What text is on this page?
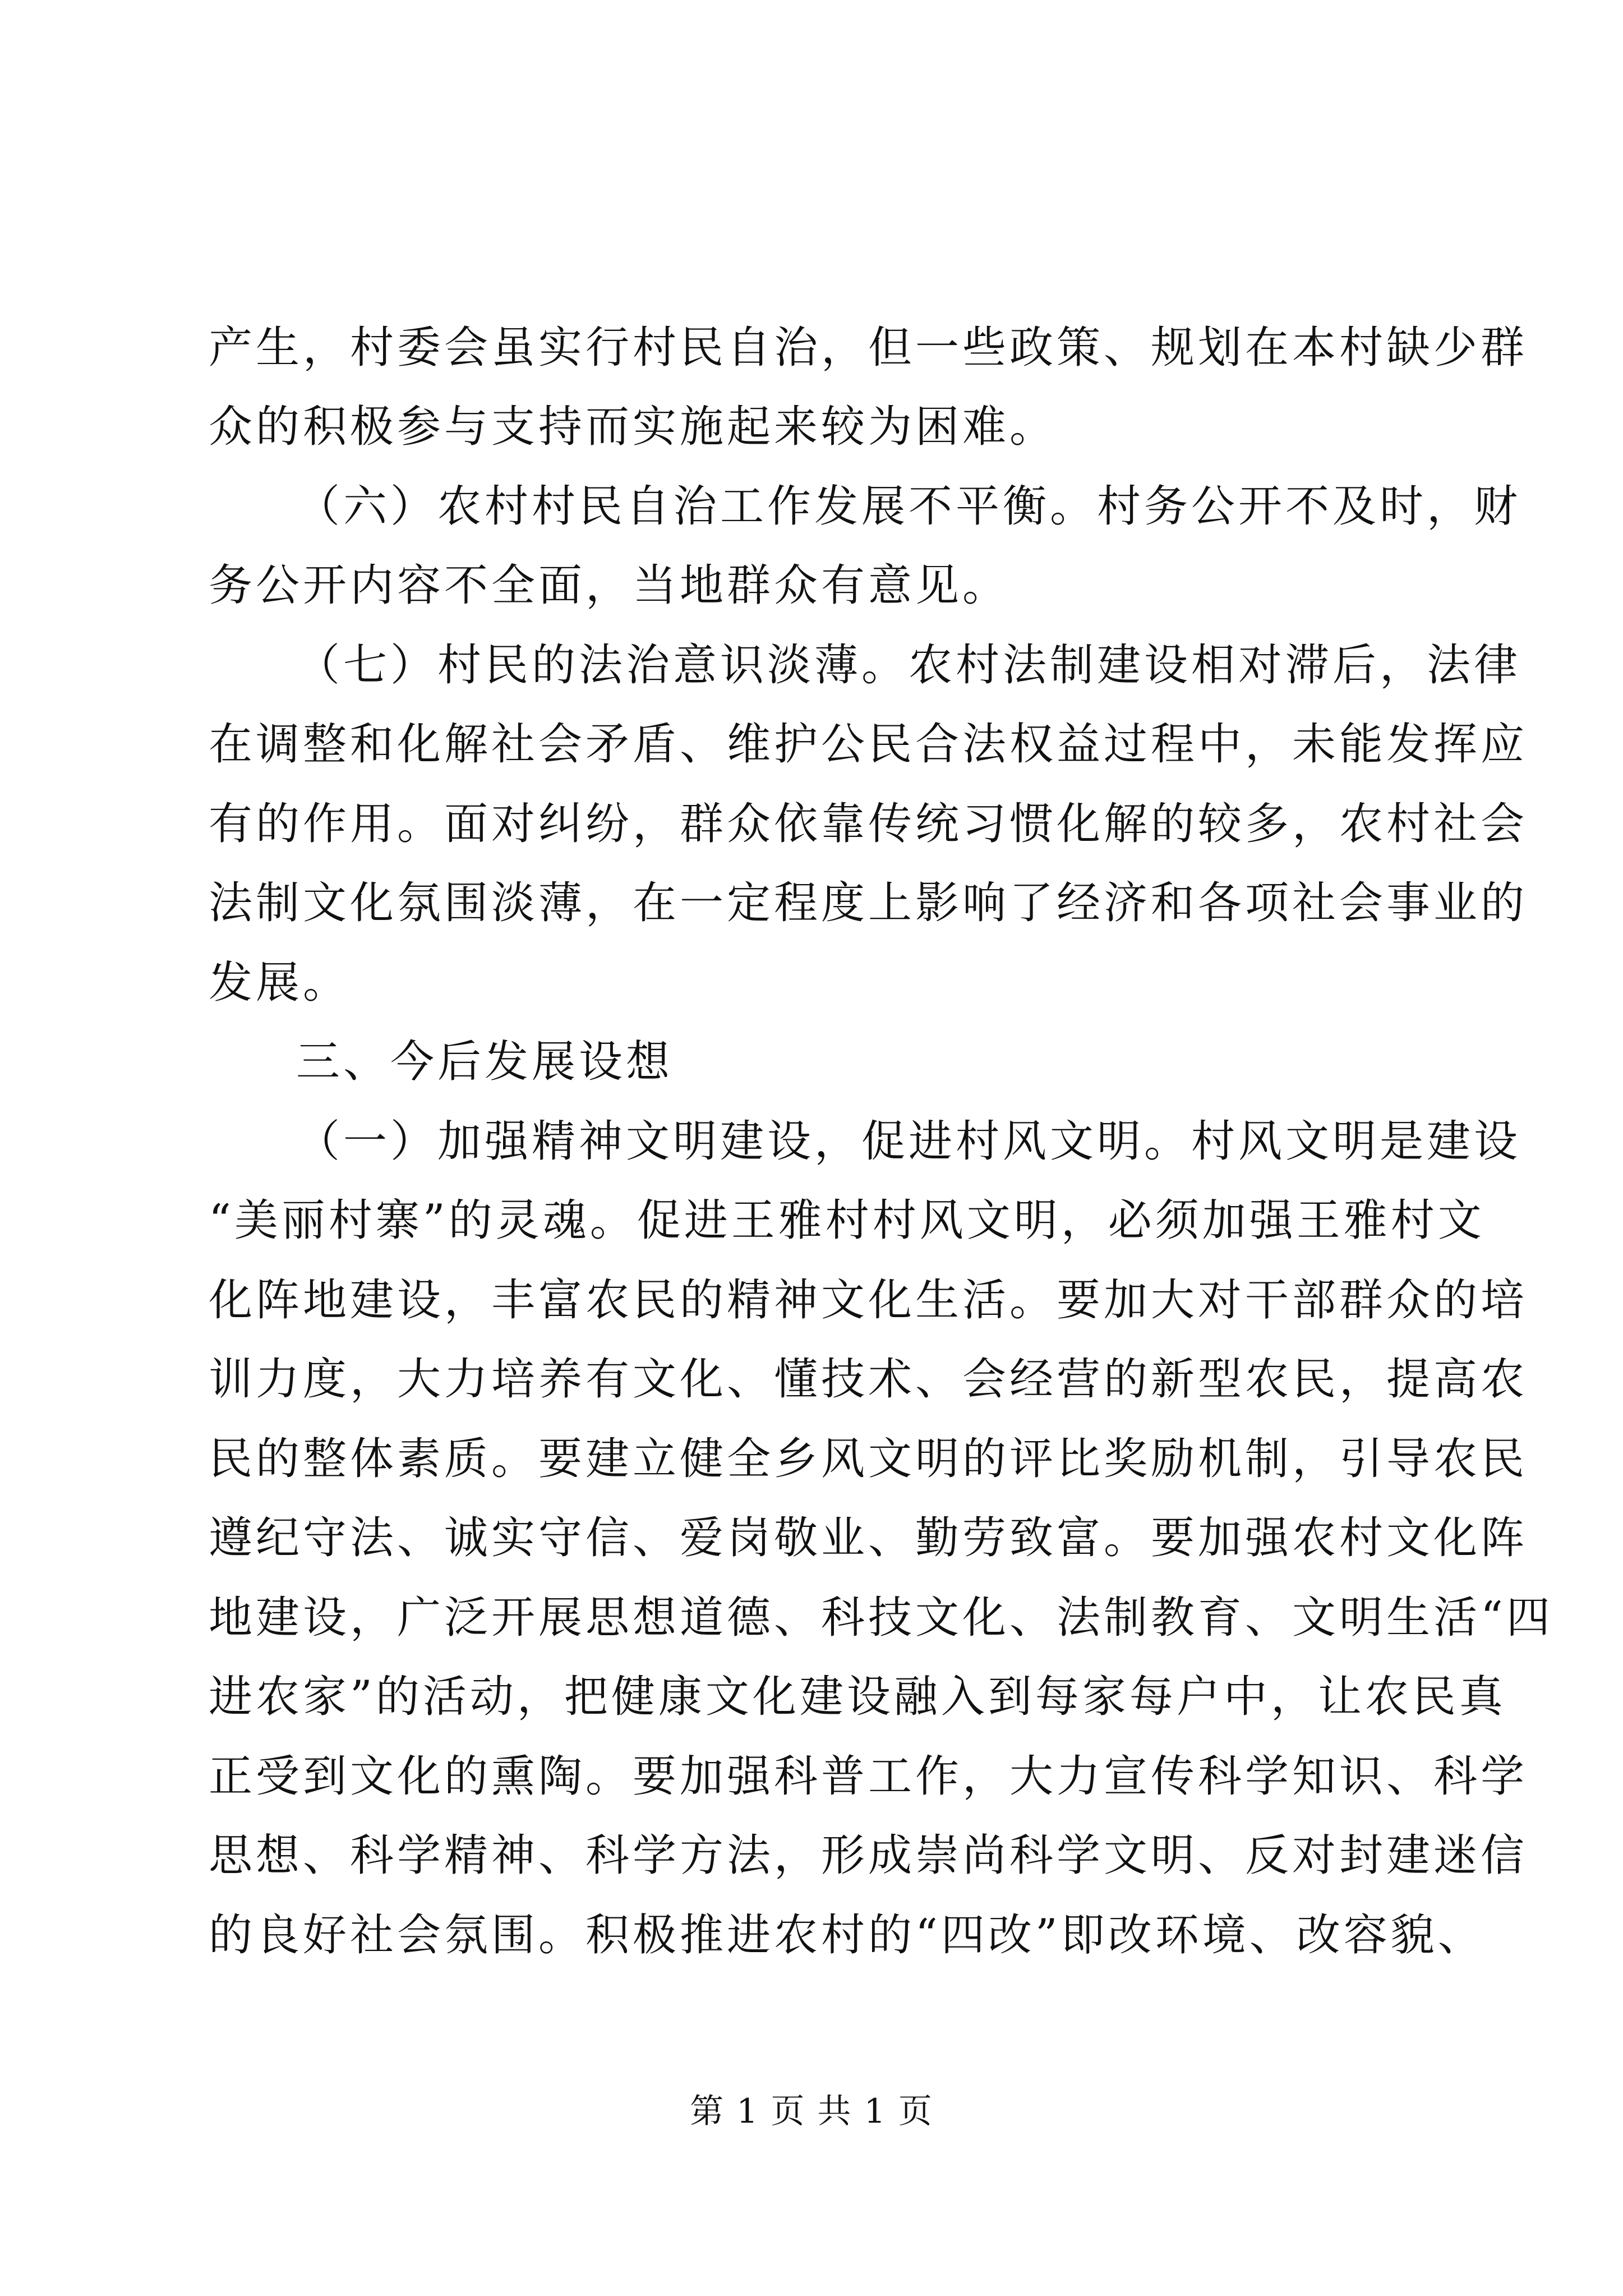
产生，村委会虽实行村民自治，但一些政策、规划在本村缺少群

众的积极参与支持而实施起来较为困难。

（六）农村村民自治工作发展不平衡。村务公开不及时，财

务公开内容不全面，当地群众有意见。

（七）村民的法治意识淡薄。农村法制建设相对滞后，法律

在调整和化解社会矛盾、维护公民合法权益过程中，未能发挥应

有的作用。面对纠纷，群众依靠传统习惯化解的较多，农村社会

法制文化氛围淡薄，在一定程度上影响了经济和各项社会事业的

发展。

三、今后发展设想

（一）加强精神文明建设，促进村风文明。村风文明是建设

“美丽村寨”的灵魂。促进王雅村村风文明，必须加强王雅村文

化阵地建设，丰富农民的精神文化生活。要加大对干部群众的培

训力度，大力培养有文化、懂技术、会经营的新型农民，提高农

民的整体素质。要建立健全乡风文明的评比奖励机制，引导农民

遵纪守法、诚实守信、爱岗敬业、勤劳致富。要加强农村文化阵

地建设，广泛开展思想道德、科技文化、法制教育、文明生活“四

进农家”的活动，把健康文化建设融入到每家每户中，让农民真

正受到文化的熏陶。要加强科普工作，大力宣传科学知识、科学

思想、科学精神、科学方法，形成崇尚科学文明、反对封建迷信

的良好社会氛围。积极推进农村的“四改”即改环境、改容貌、

第 1 页 共 1 页
